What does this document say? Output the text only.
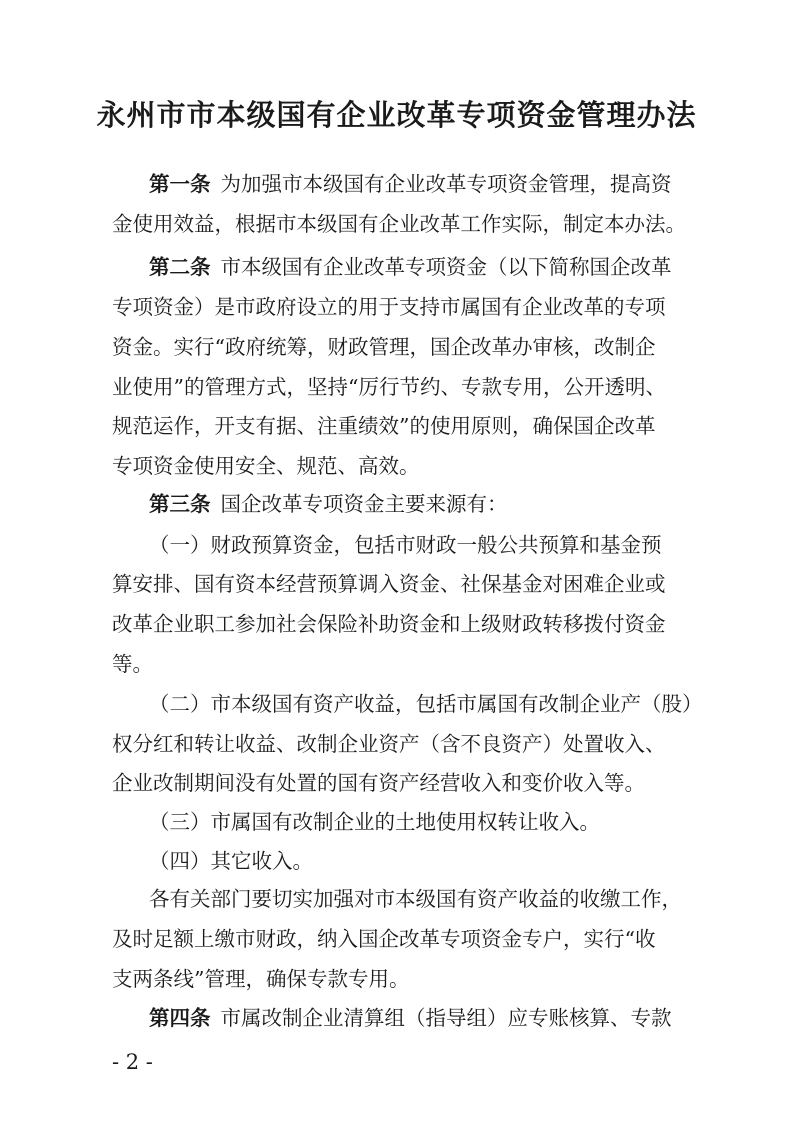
永州市市本级国有企业改革专项资金管理办法
第一条 为加强市本级国有企业改革专项资金管理，提高资
金使用效益，根据市本级国有企业改革工作实际，制定本办法。
第二条 市本级国有企业改革专项资金（以下简称国企改革
专项资金）是市政府设立的用于支持市属国有企业改革的专项
资金。实行“政府统筹，财政管理，国企改革办审核，改制企
业使用”的管理方式，坚持“厉行节约、专款专用，公开透明、
规范运作，开支有据、注重绩效”的使用原则，确保国企改革
专项资金使用安全、规范、高效。
第三条 国企改革专项资金主要来源有：
（一）财政预算资金，包括市财政一般公共预算和基金预
算安排、国有资本经营预算调入资金、社保基金对困难企业或
改革企业职工参加社会保险补助资金和上级财政转移拨付资金
等。
（二）市本级国有资产收益，包括市属国有改制企业产（股）
权分红和转让收益、改制企业资产（含不良资产）处置收入、
企业改制期间没有处置的国有资产经营收入和变价收入等。
（三）市属国有改制企业的土地使用权转让收入。
（四）其它收入。
各有关部门要切实加强对市本级国有资产收益的收缴工作，
及时足额上缴市财政，纳入国企改革专项资金专户，实行“收
支两条线”管理，确保专款专用。
第四条 市属改制企业清算组（指导组）应专账核算、专款
- 2 -
